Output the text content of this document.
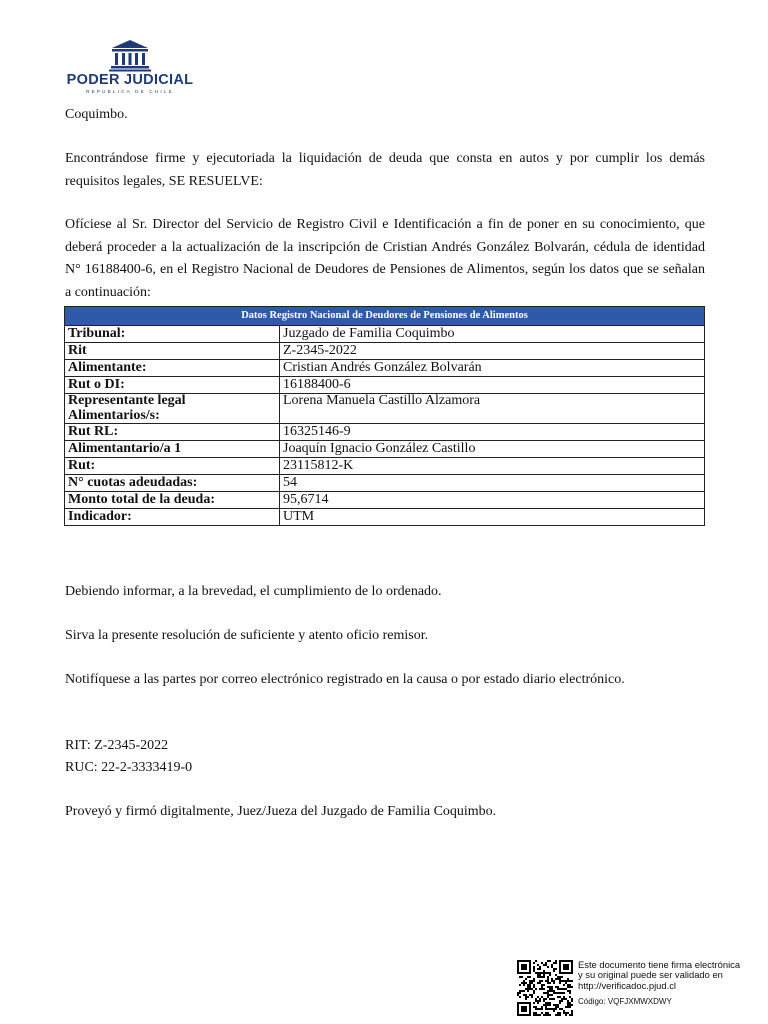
PODER JUDICIAL
REPÚBLICA DE CHILE

Coquimbo.

Encontrándose firme y ejecutoriada la liquidación de deuda que consta en autos y por cumplir los demás requisitos legales, SE RESUELVE:

Ofíciese al Sr. Director del Servicio de Registro Civil e Identificación a fin de poner en su conocimiento, que deberá proceder a la actualización de la inscripción de Cristian Andrés González Bolvarán, cédula de identidad N° 16188400-6, en el Registro Nacional de Deudores de Pensiones de Alimentos, según los datos que se señalan a continuación:

Datos Registro Nacional de Deudores de Pensiones de Alimentos	
Tribunal:	Juzgado de Familia Coquimbo
Rit	Z-2345-2022
Alimentante:	Cristian Andrés González Bolvarán
Rut o DI:	16188400-6
Representante legal Alimentarios/s:	Lorena Manuela Castillo Alzamora
Rut RL:	16325146-9
Alimentantario/a 1	Joaquín Ignacio González Castillo
Rut:	23115812-K
N° cuotas adeudadas:	54
Monto total de la deuda:	95,6714
Indicador:	UTM

Debiendo informar, a la brevedad, el cumplimiento de lo ordenado.

Sirva la presente resolución de suficiente y atento oficio remisor.

Notifíquese a las partes por correo electrónico registrado en la causa o por estado diario electrónico.

RIT: Z-2345-2022

RUC: 22-2-3333419-0

Proveyó y firmó digitalmente, Juez/Jueza del Juzgado de Familia Coquimbo.

Este documento tiene firma electrónica
y su original puede ser validado en
http://verificadoc.pjud.cl
Código: VQFJXMWXDWY
